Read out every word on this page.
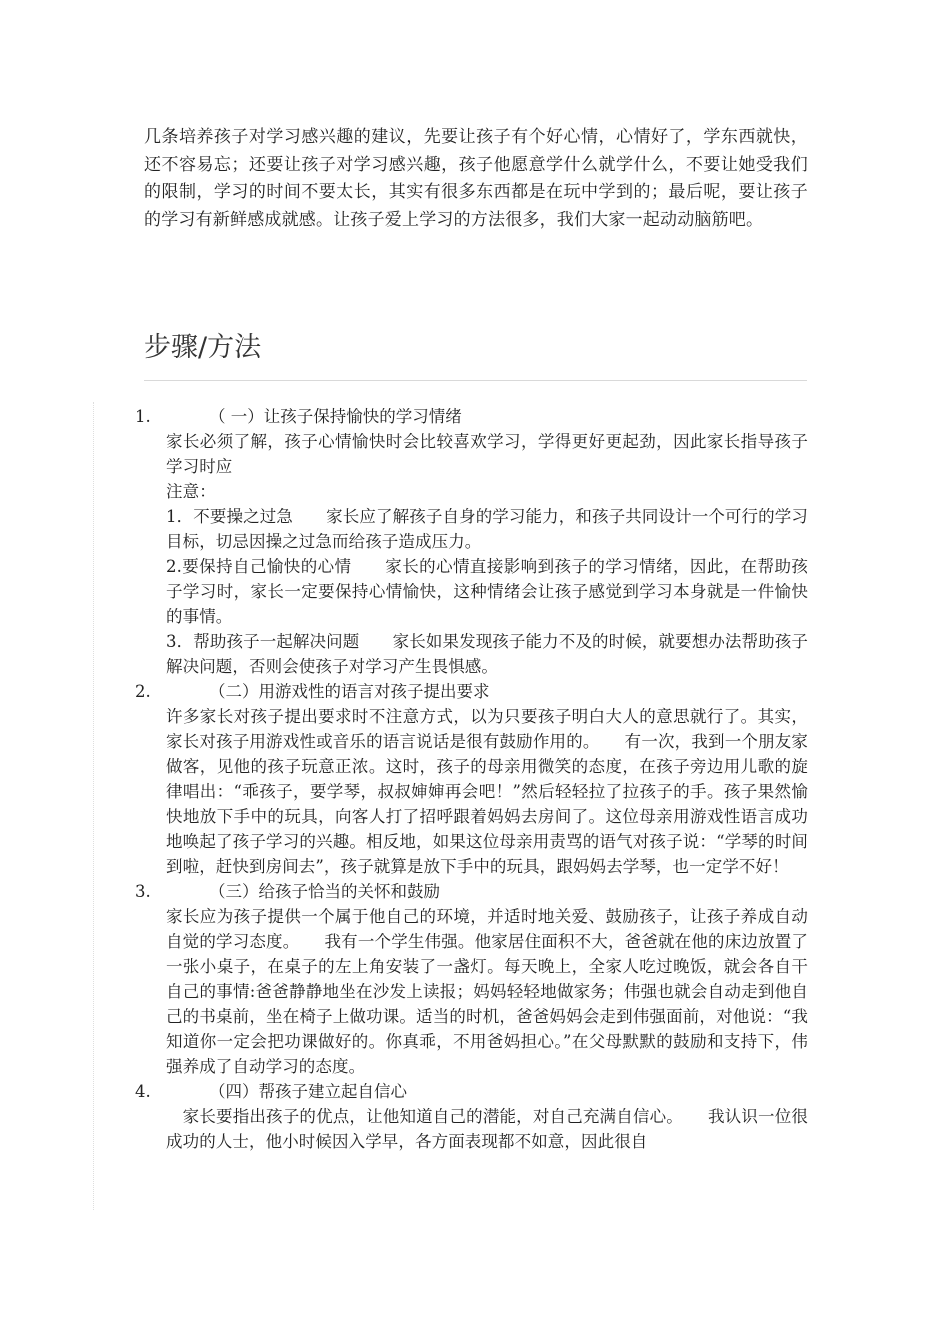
几条培养孩子对学习感兴趣的建议，先要让孩子有个好心情，心情好了，学东西就快，还不容易忘；还要让孩子对学习感兴趣，孩子他愿意学什么就学什么，不要让她受我们的限制，学习的时间不要太长，其实有很多东西都是在玩中学到的；最后呢，要让孩子的学习有新鲜感成就感。让孩子爱上学习的方法很多，我们大家一起动动脑筋吧。
步骤/方法
1.	（ 一）让孩子保持愉快的学习情绪

家长必须了解，孩子心情愉快时会比较喜欢学习，学得更好更起劲，因此家长指导孩子学习时应

注意：

1．不要操之过急　　家长应了解孩子自身的学习能力，和孩子共同设计一个可行的学习目标，切忌因操之过急而给孩子造成压力。

2.要保持自己愉快的心情　　家长的心情直接影响到孩子的学习情绪，因此，在帮助孩子学习时，家长一定要保持心情愉快，这种情绪会让孩子感觉到学习本身就是一件愉快的事情。

3．帮助孩子一起解决问题　　家长如果发现孩子能力不及的时候，就要想办法帮助孩子解决问题，否则会使孩子对学习产生畏惧感。

2.	（二）用游戏性的语言对孩子提出要求

许多家长对孩子提出要求时不注意方式，以为只要孩子明白大人的意思就行了。其实，家长对孩子用游戏性或音乐的语言说话是很有鼓励作用的。　　有一次，我到一个朋友家做客，见他的孩子玩意正浓。这时，孩子的母亲用微笑的态度，在孩子旁边用儿歌的旋律唱出：“乖孩子，要学琴，叔叔婶婶再会吧！”然后轻轻拉了拉孩子的手。孩子果然愉快地放下手中的玩具，向客人打了招呼跟着妈妈去房间了。这位母亲用游戏性语言成功地唤起了孩子学习的兴趣。相反地，如果这位母亲用责骂的语气对孩子说：“学琴的时间到啦，赶快到房间去”，孩子就算是放下手中的玩具，跟妈妈去学琴，也一定学不好！

3.	（三）给孩子恰当的关怀和鼓励

家长应为孩子提供一个属于他自己的环境，并适时地关爱、鼓励孩子，让孩子养成自动自觉的学习态度。　　我有一个学生伟强。他家居住面积不大，爸爸就在他的床边放置了一张小桌子，在桌子的左上角安装了一盏灯。每天晚上，全家人吃过晚饭，就会各自干自己的事情:爸爸静静地坐在沙发上读报；妈妈轻轻地做家务；伟强也就会自动走到他自己的书桌前，坐在椅子上做功课。适当的时机，爸爸妈妈会走到伟强面前，对他说：“我知道你一定会把功课做好的。你真乖，不用爸妈担心。”在父母默默的鼓励和支持下，伟强养成了自动学习的态度。

4.	（四）帮孩子建立起自信心

　家长要指出孩子的优点，让他知道自己的潜能，对自己充满自信心。　　我认识一位很成功的人士，他小时候因入学早，各方面表现都不如意，因此很自
